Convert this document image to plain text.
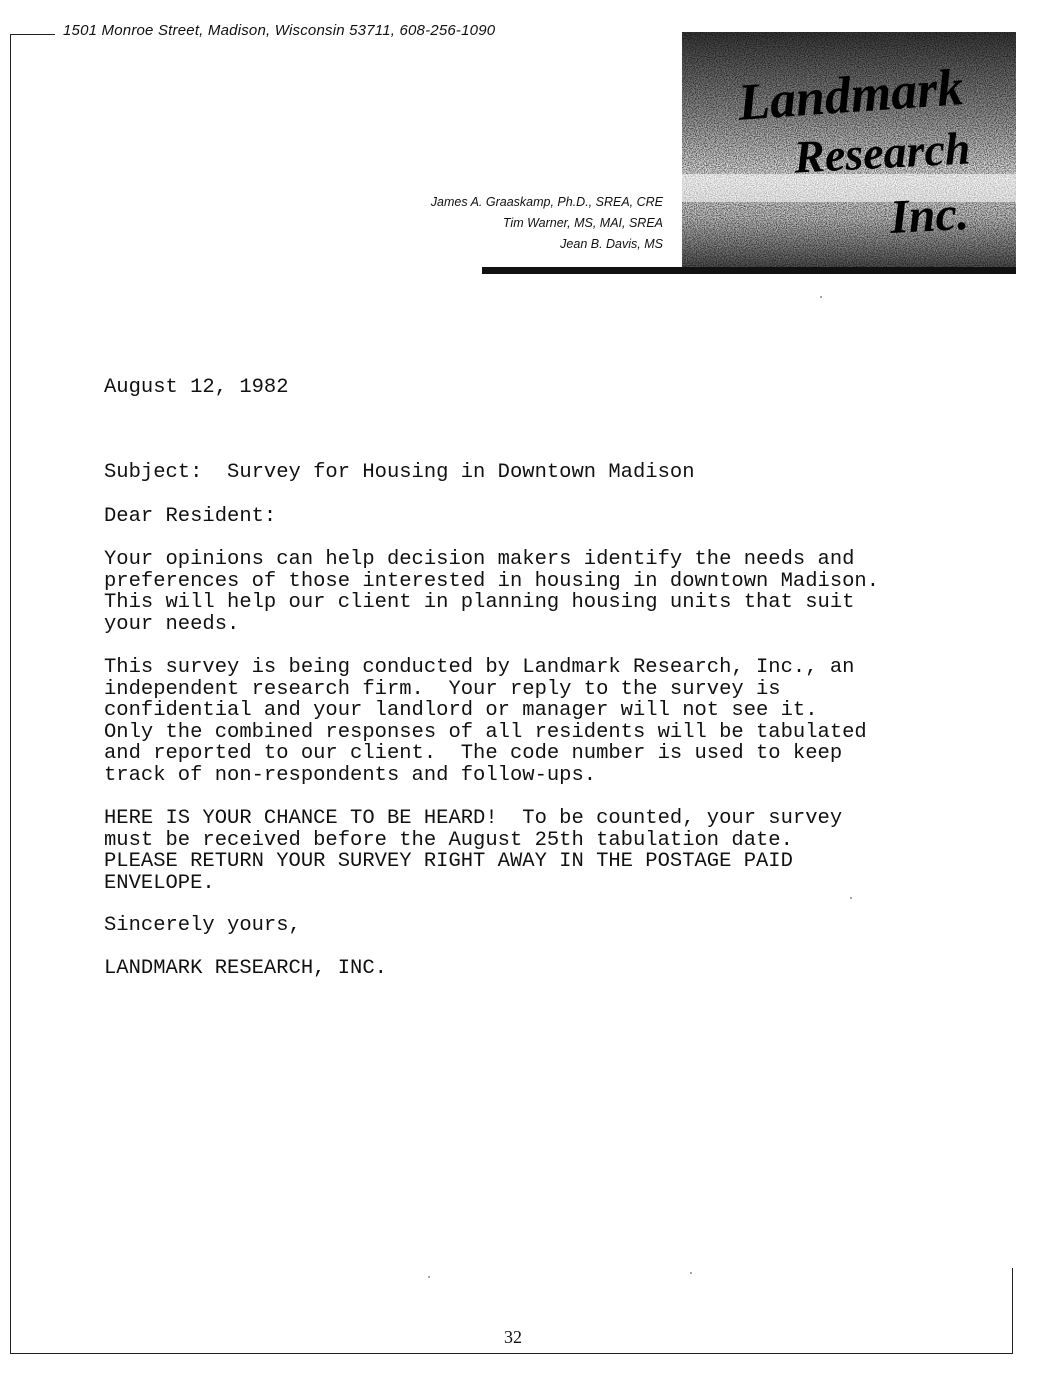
1501 Monroe Street, Madison, Wisconsin 53711, 608-256-1090
James A. Graaskamp, Ph.D., SREA, CRE
Tim Warner, MS, MAI, SREA
Jean B. Davis, MS
Landmark
Research
Inc.
August 12, 1982
Subject:  Survey for Housing in Downtown Madison
Dear Resident:
Your opinions can help decision makers identify the needs and
preferences of those interested in housing in downtown Madison.
This will help our client in planning housing units that suit
your needs.
This survey is being conducted by Landmark Research, Inc., an
independent research firm.  Your reply to the survey is
confidential and your landlord or manager will not see it.
Only the combined responses of all residents will be tabulated
and reported to our client.  The code number is used to keep
track of non-respondents and follow-ups.
HERE IS YOUR CHANCE TO BE HEARD!  To be counted, your survey
must be received before the August 25th tabulation date.
PLEASE RETURN YOUR SURVEY RIGHT AWAY IN THE POSTAGE PAID
ENVELOPE.
Sincerely yours,
LANDMARK RESEARCH, INC.
32
